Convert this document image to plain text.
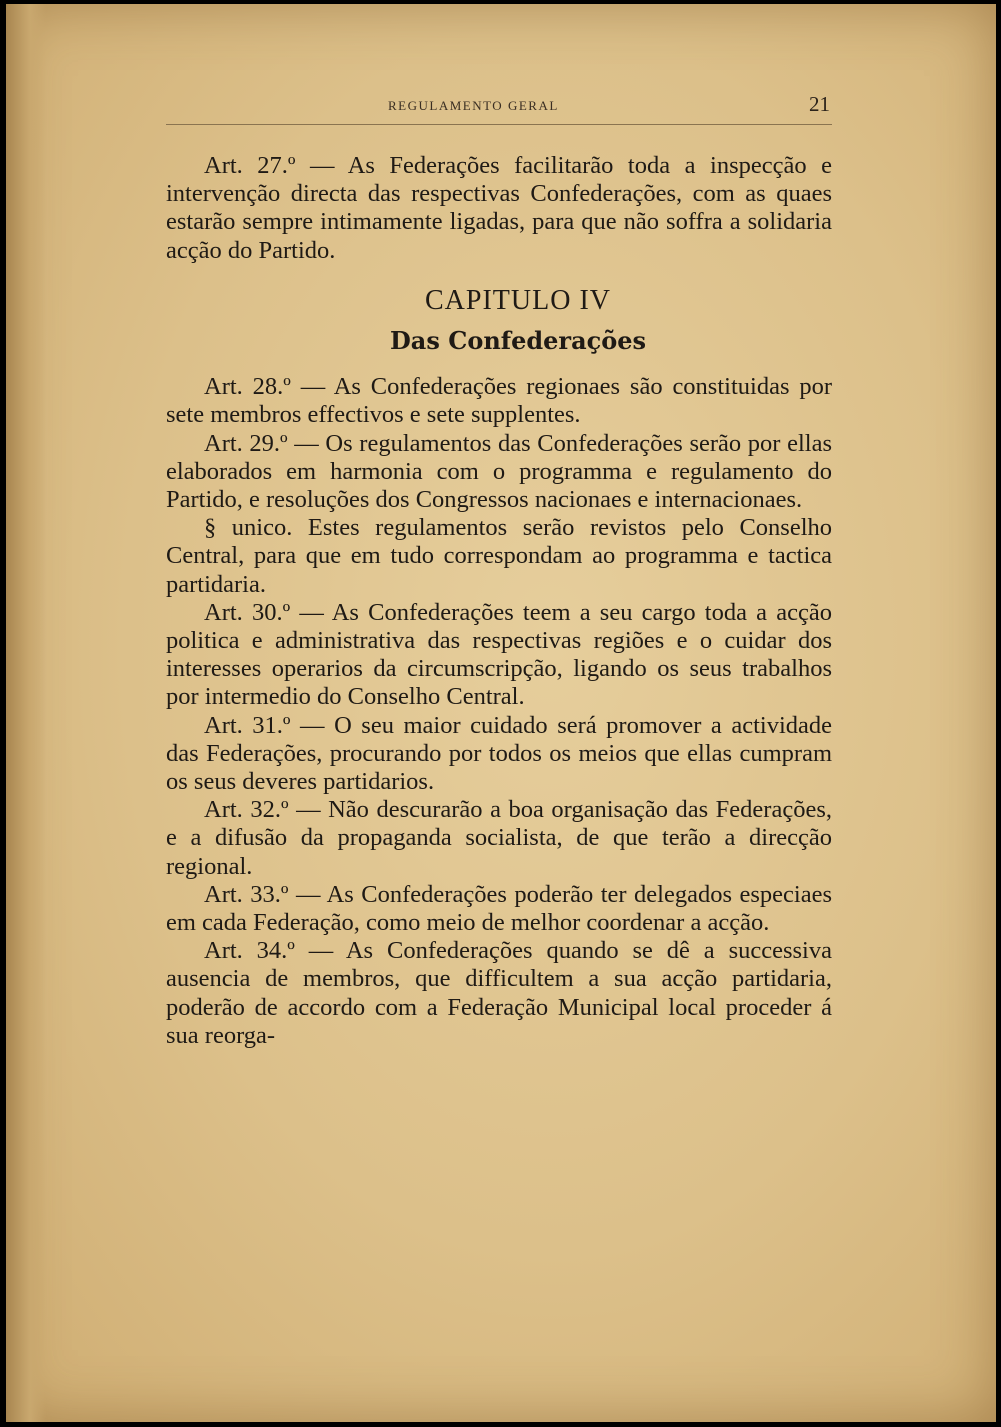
REGULAMENTO GERAL	21

Art. 27.º — As Federações facilitarão toda a inspecção e intervenção directa das respectivas Confederações, com as quaes estarão sempre intimamente ligadas, para que não soffra a solidaria acção do Partido.

CAPITULO IV

Das Confederações

Art. 28.º — As Confederações regionaes são constituidas por sete membros effectivos e sete supplentes.

Art. 29.º — Os regulamentos das Confederações serão por ellas elaborados em harmonia com o programma e regulamento do Partido, e resoluções dos Congressos nacionaes e internacionaes.

§ unico. Estes regulamentos serão revistos pelo Conselho Central, para que em tudo correspondam ao programma e tactica partidaria.

Art. 30.º — As Confederações teem a seu cargo toda a acção politica e administrativa das respectivas regiões e o cuidar dos interesses operarios da circumscripção, ligando os seus trabalhos por intermedio do Conselho Central.

Art. 31.º — O seu maior cuidado será promover a actividade das Federações, procurando por todos os meios que ellas cumpram os seus deveres partidarios.

Art. 32.º — Não descurarão a boa organisação das Federações, e a difusão da propaganda socialista, de que terão a direcção regional.

Art. 33.º — As Confederações poderão ter delegados especiaes em cada Federação, como meio de melhor coordenar a acção.

Art. 34.º — As Confederações quando se dê a successiva ausencia de membros, que difficultem a sua acção partidaria, poderão de accordo com a Federação Municipal local proceder á sua reorga-
